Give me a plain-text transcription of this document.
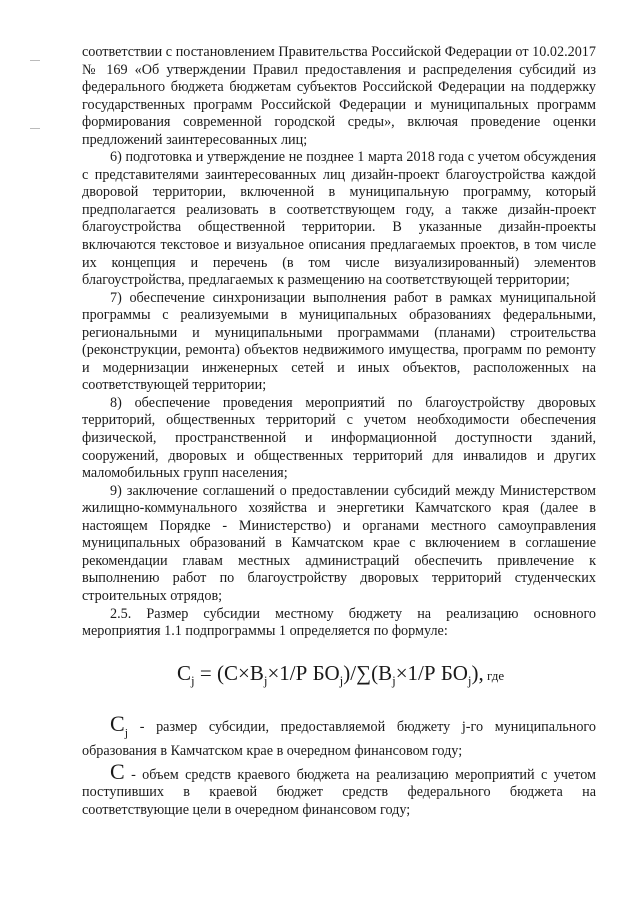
соответствии с постановлением Правительства Российской Федерации от 10.02.2017 № 169 «Об утверждении Правил предоставления и распределения субсидий из федерального бюджета бюджетам субъектов Российской Федерации на поддержку государственных программ Российской Федерации и муниципальных программ формирования современной городской среды», включая проведение оценки предложений заинтересованных лиц;

6) подготовка и утверждение не позднее 1 марта 2018 года с учетом обсуждения с представителями заинтересованных лиц дизайн-проект благоустройства каждой дворовой территории, включенной в муниципальную программу, который предполагается реализовать в соответствующем году, а также дизайн-проект благоустройства общественной территории. В указанные дизайн-проекты включаются текстовое и визуальное описания предлагаемых проектов, в том числе их концепция и перечень (в том числе визуализированный) элементов благоустройства, предлагаемых к размещению на соответствующей территории;

7) обеспечение синхронизации выполнения работ в рамках муниципальной программы с реализуемыми в муниципальных образованиях федеральными, региональными и муниципальными программами (планами) строительства (реконструкции, ремонта) объектов недвижимого имущества, программ по ремонту и модернизации инженерных сетей и иных объектов, расположенных на соответствующей территории;

8) обеспечение проведения мероприятий по благоустройству дворовых территорий, общественных территорий с учетом необходимости обеспечения физической, пространственной и информационной доступности зданий, сооружений, дворовых и общественных территорий для инвалидов и других маломобильных групп населения;

9) заключение соглашений о предоставлении субсидий между Министерством жилищно-коммунального хозяйства и энергетики Камчатского края (далее в настоящем Порядке - Министерство) и органами местного самоуправления муниципальных образований в Камчатском крае с включением в соглашение рекомендации главам местных администраций обеспечить привлечение к выполнению работ по благоустройству дворовых территорий студенческих строительных отрядов;

2.5. Размер субсидии местному бюджету на реализацию основного мероприятия 1.1 подпрограммы 1 определяется по формуле:

$C_j = (C\times B_j\times 1/Р$ $БО_j)/\sum(B_j\times 1/Р$ $БО_j$), где

$C_j$ - размер субсидии, предоставляемой бюджету j-го муниципального образования в Камчатском крае в очередном финансовом году;

C - объем средств краевого бюджета на реализацию мероприятий с учетом поступивших в краевой бюджет средств федерального бюджета на соответствующие цели в очередном финансовом году;
